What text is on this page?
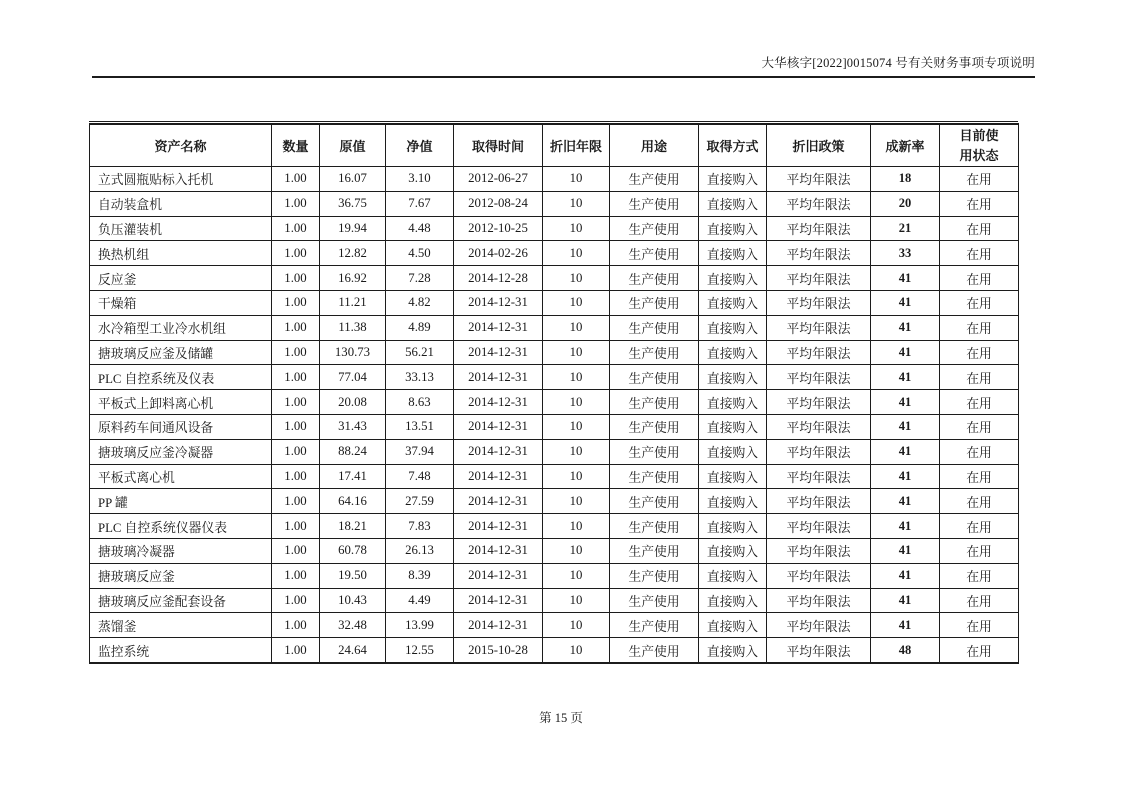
大华核字[2022]0015074 号有关财务事项专项说明
资产名称	数量	原值	净值	取得时间	折旧年限	用途	取得方式	折旧政策	成新率	目前使
用状态
立式圆瓶贴标入托机	1.00	16.07	3.10	2012-06-27	10	生产使用	直接购入	平均年限法	18	在用
自动装盒机	1.00	36.75	7.67	2012-08-24	10	生产使用	直接购入	平均年限法	20	在用
负压灌装机	1.00	19.94	4.48	2012-10-25	10	生产使用	直接购入	平均年限法	21	在用
换热机组	1.00	12.82	4.50	2014-02-26	10	生产使用	直接购入	平均年限法	33	在用
反应釜	1.00	16.92	7.28	2014-12-28	10	生产使用	直接购入	平均年限法	41	在用
干燥箱	1.00	11.21	4.82	2014-12-31	10	生产使用	直接购入	平均年限法	41	在用
水冷箱型工业冷水机组	1.00	11.38	4.89	2014-12-31	10	生产使用	直接购入	平均年限法	41	在用
搪玻璃反应釜及储罐	1.00	130.73	56.21	2014-12-31	10	生产使用	直接购入	平均年限法	41	在用
PLC 自控系统及仪表	1.00	77.04	33.13	2014-12-31	10	生产使用	直接购入	平均年限法	41	在用
平板式上卸料离心机	1.00	20.08	8.63	2014-12-31	10	生产使用	直接购入	平均年限法	41	在用
原料药车间通风设备	1.00	31.43	13.51	2014-12-31	10	生产使用	直接购入	平均年限法	41	在用
搪玻璃反应釜冷凝器	1.00	88.24	37.94	2014-12-31	10	生产使用	直接购入	平均年限法	41	在用
平板式离心机	1.00	17.41	7.48	2014-12-31	10	生产使用	直接购入	平均年限法	41	在用
PP 罐	1.00	64.16	27.59	2014-12-31	10	生产使用	直接购入	平均年限法	41	在用
PLC 自控系统仪器仪表	1.00	18.21	7.83	2014-12-31	10	生产使用	直接购入	平均年限法	41	在用
搪玻璃冷凝器	1.00	60.78	26.13	2014-12-31	10	生产使用	直接购入	平均年限法	41	在用
搪玻璃反应釜	1.00	19.50	8.39	2014-12-31	10	生产使用	直接购入	平均年限法	41	在用
搪玻璃反应釜配套设备	1.00	10.43	4.49	2014-12-31	10	生产使用	直接购入	平均年限法	41	在用
蒸馏釜	1.00	32.48	13.99	2014-12-31	10	生产使用	直接购入	平均年限法	41	在用
监控系统	1.00	24.64	12.55	2015-10-28	10	生产使用	直接购入	平均年限法	48	在用
第 15 页
